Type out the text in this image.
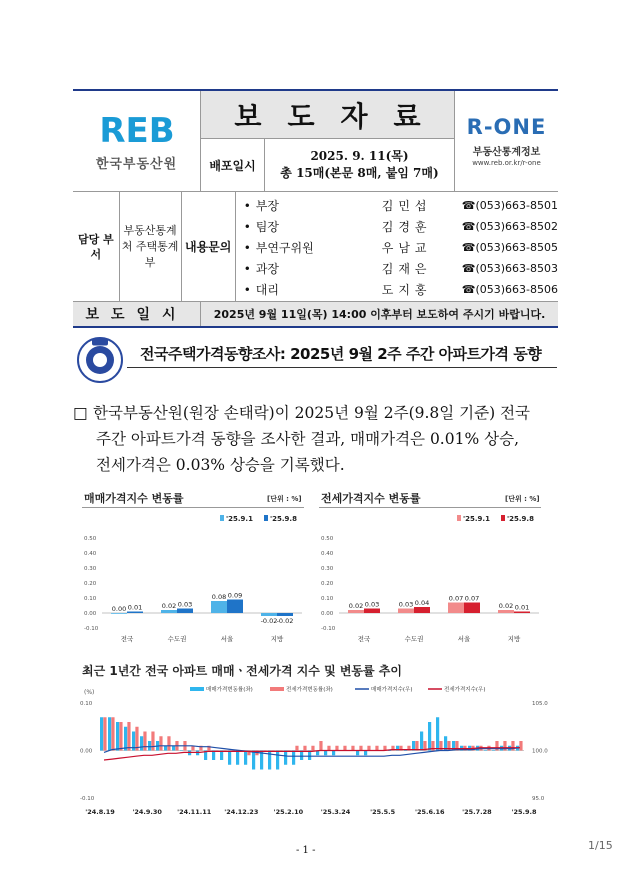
REB
한국부동산원
보도자료
배포일시
2025. 9. 11(목)
총 15매(본문 8매, 붙임 7매)
R-ONE
부동산통계정보
www.reb.or.kr/r-one
담당 부서
부동산통계처 주택통계부
내용문의
• 부장	김민섭	☎(053)663-8501
• 팀장	김경훈	☎(053)663-8502
• 부연구위원	우남교	☎(053)663-8505
• 과장	김재은	☎(053)663-8503
• 대리	도지홍	☎(053)663-8506
보도일시	2025년 9월 11일(목) 14:00 이후부터 보도하여 주시기 바랍니다.
전국주택가격동향조사: 2025년 9월 2주 주간 아파트가격 동향
□ 한국부동산원(원장 손태락)이 2025년 9월 2주(9.8일 기준) 전국
주간 아파트가격 동향을 조사한 결과, 매매가격은 0.01% 상승,
전세가격은 0.03% 상승을 기록했다.
매매가격지수 변동률	[단위 : %]
'25.9.1 '25.9.8
0.50
0.40
0.30
0.20
0.10
0.00
-0.10
전국
0.00 0.01
수도권
0.02 0.03
서울
0.08 0.09
지방
-0.02 -0.02
전세가격지수 변동률	[단위 : %]
'25.9.1 '25.9.8
0.50
0.40
0.30
0.20
0.10
0.00
-0.10
전국
0.02 0.03
수도권
0.03 0.04
서울
0.07 0.07
지방
0.02 0.01
최근 1년간 전국 아파트 매매ㆍ전세가격 지수 및 변동률 추이
매매가격변동률(좌)	전세가격변동률(좌)	매매가격지수(우)	전세가격지수(우)
(%)
0.10
0.00
-0.10
105.0
100.0
95.0
'24.8.19	'24.9.30 '24.11.11 '24.12.23 '25.2.10	'25.3.24	'25.5.5	'25.6.16	'25.7.28	'25.9.8
- 1 -	1/15
